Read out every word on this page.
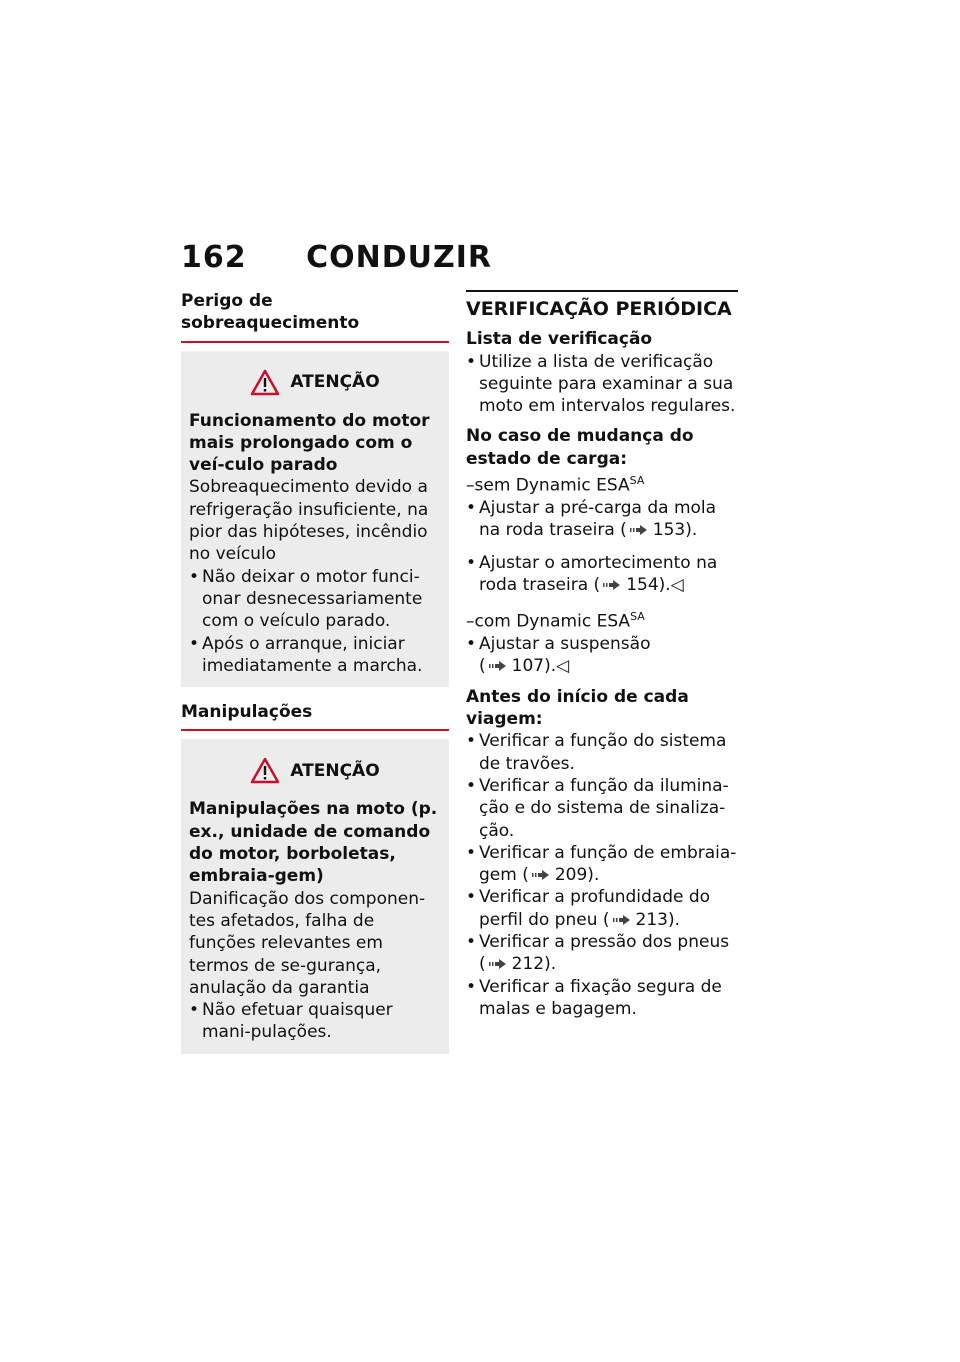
162 CONDUZIR
Perigo de sobreaquecimento
ATENÇÃO
Funcionamento do motor mais prolongado com o veí-culo parado
Sobreaquecimento devido a refrigeração insuficiente, na pior das hipóteses, incêndio no veículo
• Não deixar o motor funci-onar desnecessariamente com o veículo parado.
• Após o arranque, iniciar imediatamente a marcha.
Manipulações
ATENÇÃO
Manipulações na moto (p. ex., unidade de comando do motor, borboletas, embraia-gem)
Danificação dos componen-tes afetados, falha de funções relevantes em termos de se-gurança, anulação da garantia
• Não efetuar quaisquer mani-pulações.
VERIFICAÇÃO PERIÓDICA
Lista de verificação
• Utilize a lista de verificação seguinte para examinar a sua moto em intervalos regulares.
No caso de mudança do estado de carga:
–sem Dynamic $ESA^{SA}$
• Ajustar a pré-carga da mola na roda traseira ( 153).
• Ajustar o amortecimento na roda traseira ( 154).◁
–com Dynamic $ESA^{SA}$
• Ajustar a suspensão
( 107).◁
Antes do início de cada viagem:
• Verificar a função do sistema de travões.
• Verificar a função da ilumina-ção e do sistema de sinaliza-ção.
• Verificar a função de embraia-gem ( 209).
• Verificar a profundidade do perfil do pneu ( 213).
• Verificar a pressão dos pneus
( 212).
• Verificar a fixação segura de malas e bagagem.
